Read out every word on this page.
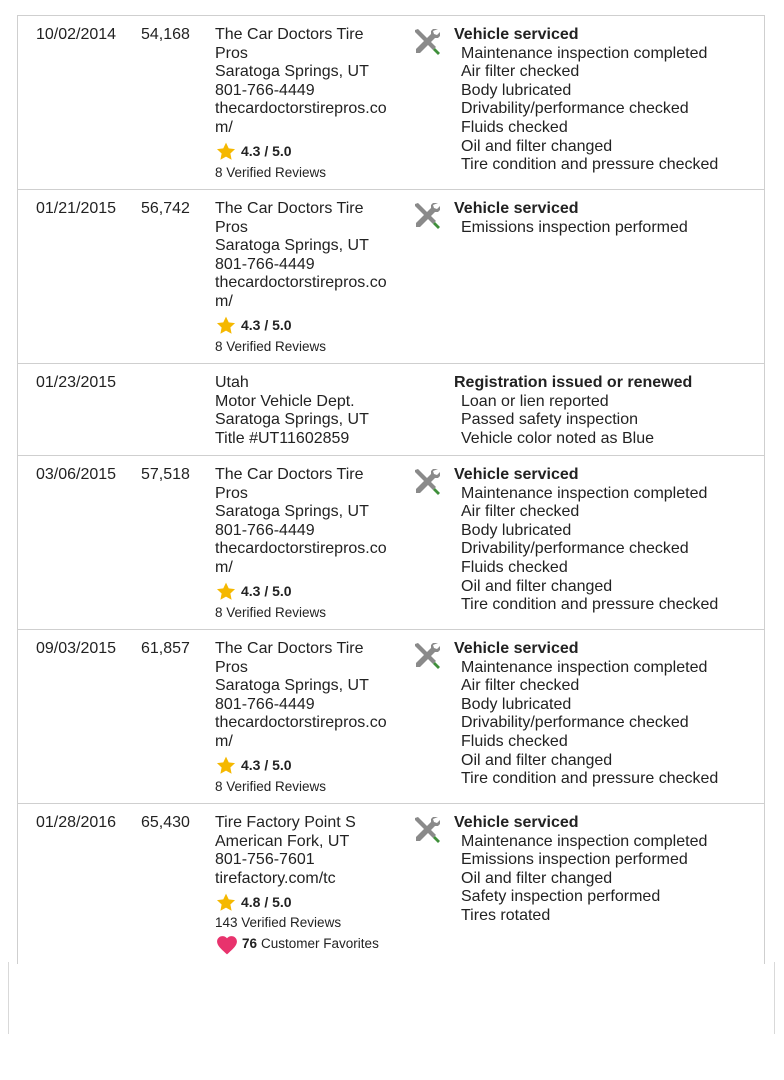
10/02/2014 54,168 The Car Doctors Tire
Pros
Saratoga Springs, UT
801-766-4449
thecardoctorstirepros.co
m/
4.3 / 5.0
8 Verified Reviews
Vehicle serviced
Maintenance inspection completed
Air filter checked
Body lubricated
Drivability/performance checked
Fluids checked
Oil and filter changed
Tire condition and pressure checked
01/21/2015 56,742 The Car Doctors Tire
Pros
Saratoga Springs, UT
801-766-4449
thecardoctorstirepros.co
m/
4.3 / 5.0
8 Verified Reviews
Vehicle serviced
Emissions inspection performed
01/23/2015	Utah
Motor Vehicle Dept.
Saratoga Springs, UT
Title #UT11602859
Registration issued or renewed
Loan or lien reported
Passed safety inspection
Vehicle color noted as Blue
03/06/2015 57,518 The Car Doctors Tire
Pros
Saratoga Springs, UT
801-766-4449
thecardoctorstirepros.co
m/
4.3 / 5.0
8 Verified Reviews
Vehicle serviced
Maintenance inspection completed
Air filter checked
Body lubricated
Drivability/performance checked
Fluids checked
Oil and filter changed
Tire condition and pressure checked
09/03/2015 61,857 The Car Doctors Tire
Pros
Saratoga Springs, UT
801-766-4449
thecardoctorstirepros.co
m/
4.3 / 5.0
8 Verified Reviews
Vehicle serviced
Maintenance inspection completed
Air filter checked
Body lubricated
Drivability/performance checked
Fluids checked
Oil and filter changed
Tire condition and pressure checked
01/28/2016 65,430 Tire Factory Point S
American Fork, UT
801-756-7601
tirefactory.com/tc
4.8 / 5.0
143 Verified Reviews
76 Customer Favorites
Vehicle serviced
Maintenance inspection completed
Emissions inspection performed
Oil and filter changed
Safety inspection performed
Tires rotated
